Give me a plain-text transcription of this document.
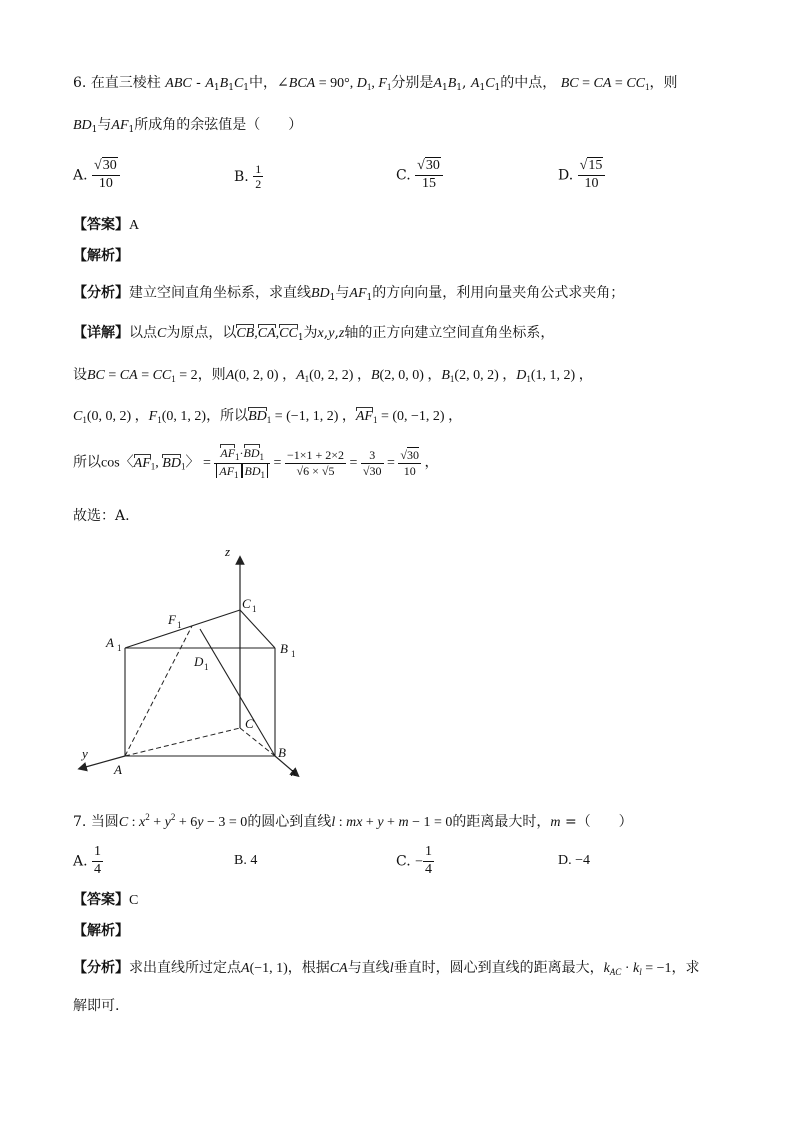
6. 在直三棱柱 ABC - $A_1B_1C_1$中，∠BCA = 90°, $D_1$, $F_1$分别是$A_1B_1$, $A_1C_1$的中点， BC = CA = $CC_1$，则
$BD_1$与$AF_1$所成角的余弦值是（　　）
A. $\frac{√30}{10}$	B. $\frac{1}{2}$	C. $\frac{√30}{15}$	D. $\frac{√15}{10}$
【答案】A
【解析】
【分析】建立空间直角坐标系，求直线$BD_1$与$AF_1$的方向向量，利用向量夹角公式求夹角；
【详解】以点C为原点，以$CB,CA,CC_1$为x,y,z轴的正方向建立空间直角坐标系，
设BC = CA = $CC_1 = 2$，则A(0, 2, 0) ，$A_1(0$, 2, 2) ，B(2, 0, 0) ，$B_1(2$, 0, 2) ，$D_1(1$, 1, 2) ，
$C_1(0$, 0, 2) ，$F_1(0$, 1, 2)，所以$BD_1 = (-1$, 1, 2) ，$AF_1 = (0$, −1, 2) ，
所以cos〈$AF_1$, $BD_1$〉 = $\frac{AF_1\cdot BD_1}{AF_1 BD_1} = \frac{-1\times 1 + 2\times 2}{√6 \times √5} = \frac{3}{√30} = \frac{√30}{10}$ ，
故选：A.
z
y
x
A
B
C
A 1	B 1
C 1
D 1
F 1
7. 当圆C : $x^2 + y^2 + 6y - 3 = 0$的圆心到直线l : mx + y + m − 1 = 0的距离最大时，m =（　　）
A. $\frac{1}{4}$	B. 4	C. − $\frac{1}{4}$	D. −4
【答案】C
【解析】
【分析】求出直线所过定点A(−1, 1)，根据CA与直线l垂直时，圆心到直线的距离最大，$k_{AC} \cdot k_l = -1$，求
解即可.
